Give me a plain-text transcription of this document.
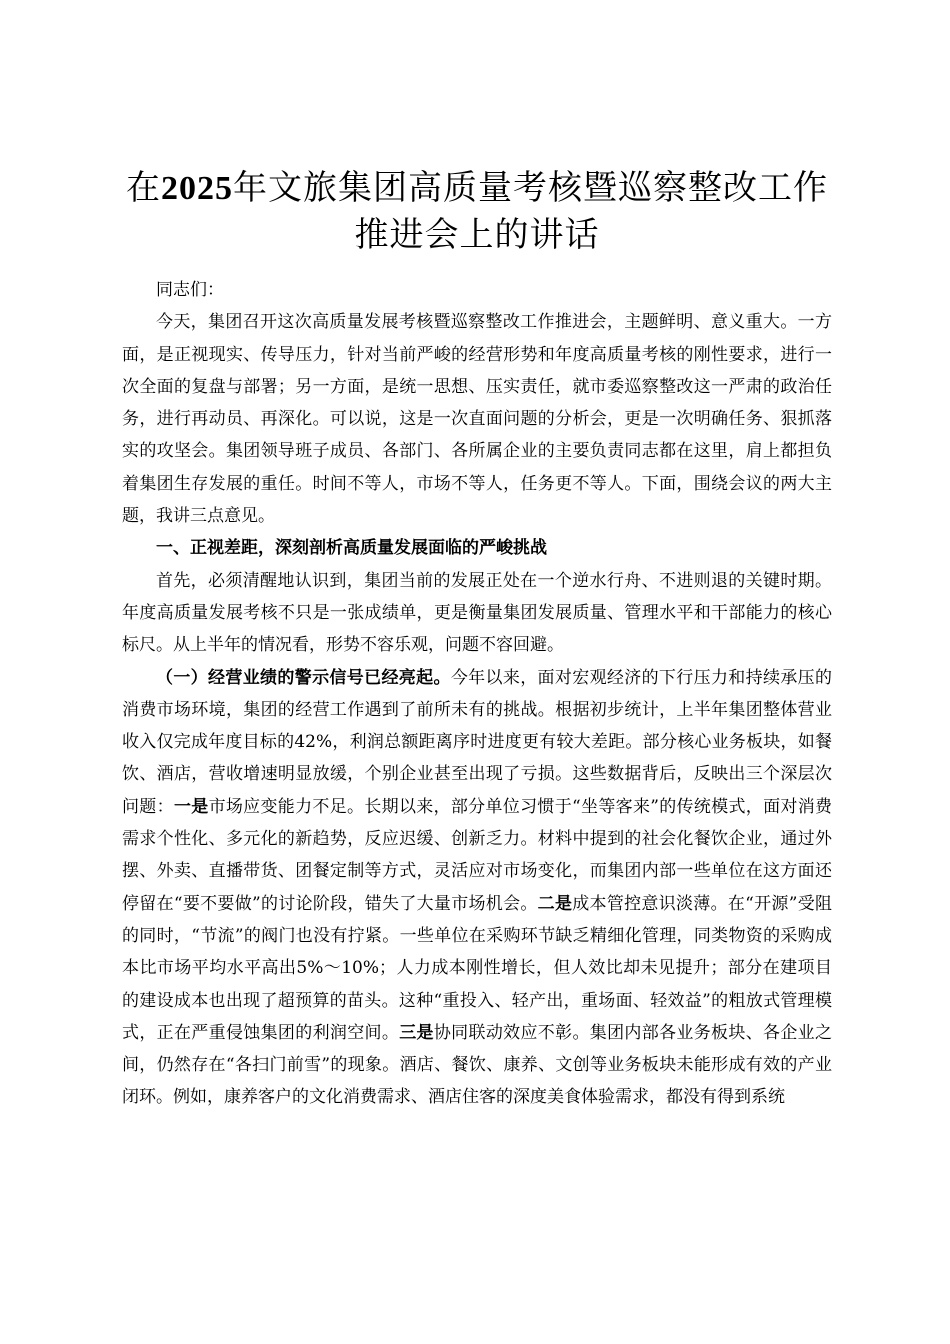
在2025年文旅集团高质量考核暨巡察整改工作推进会上的讲话

同志们：

今天，集团召开这次高质量发展考核暨巡察整改工作推进会，主题鲜明、意义重大。一方面，是正视现实、传导压力，针对当前严峻的经营形势和年度高质量考核的刚性要求，进行一次全面的复盘与部署；另一方面，是统一思想、压实责任，就市委巡察整改这一严肃的政治任务，进行再动员、再深化。可以说，这是一次直面问题的分析会，更是一次明确任务、狠抓落实的攻坚会。集团领导班子成员、各部门、各所属企业的主要负责同志都在这里，肩上都担负着集团生存发展的重任。时间不等人，市场不等人，任务更不等人。下面，围绕会议的两大主题，我讲三点意见。

一、正视差距，深刻剖析高质量发展面临的严峻挑战

首先，必须清醒地认识到，集团当前的发展正处在一个逆水行舟、不进则退的关键时期。年度高质量发展考核不只是一张成绩单，更是衡量集团发展质量、管理水平和干部能力的核心标尺。从上半年的情况看，形势不容乐观，问题不容回避。

（一）经营业绩的警示信号已经亮起。今年以来，面对宏观经济的下行压力和持续承压的消费市场环境，集团的经营工作遇到了前所未有的挑战。根据初步统计，上半年集团整体营业收入仅完成年度目标的42%，利润总额距离序时进度更有较大差距。部分核心业务板块，如餐饮、酒店，营收增速明显放缓，个别企业甚至出现了亏损。这些数据背后，反映出三个深层次问题：一是市场应变能力不足。长期以来，部分单位习惯于“坐等客来”的传统模式，面对消费需求个性化、多元化的新趋势，反应迟缓、创新乏力。材料中提到的社会化餐饮企业，通过外摆、外卖、直播带货、团餐定制等方式，灵活应对市场变化，而集团内部一些单位在这方面还停留在“要不要做”的讨论阶段，错失了大量市场机会。二是成本管控意识淡薄。在“开源”受阻的同时，“节流”的阀门也没有拧紧。一些单位在采购环节缺乏精细化管理，同类物资的采购成本比市场平均水平高出5%～10%；人力成本刚性增长，但人效比却未见提升；部分在建项目的建设成本也出现了超预算的苗头。这种“重投入、轻产出，重场面、轻效益”的粗放式管理模式，正在严重侵蚀集团的利润空间。三是协同联动效应不彰。集团内部各业务板块、各企业之间，仍然存在“各扫门前雪”的现象。酒店、餐饮、康养、文创等业务板块未能形成有效的产业闭环。例如，康养客户的文化消费需求、酒店住客的深度美食体验需求，都没有得到系统
